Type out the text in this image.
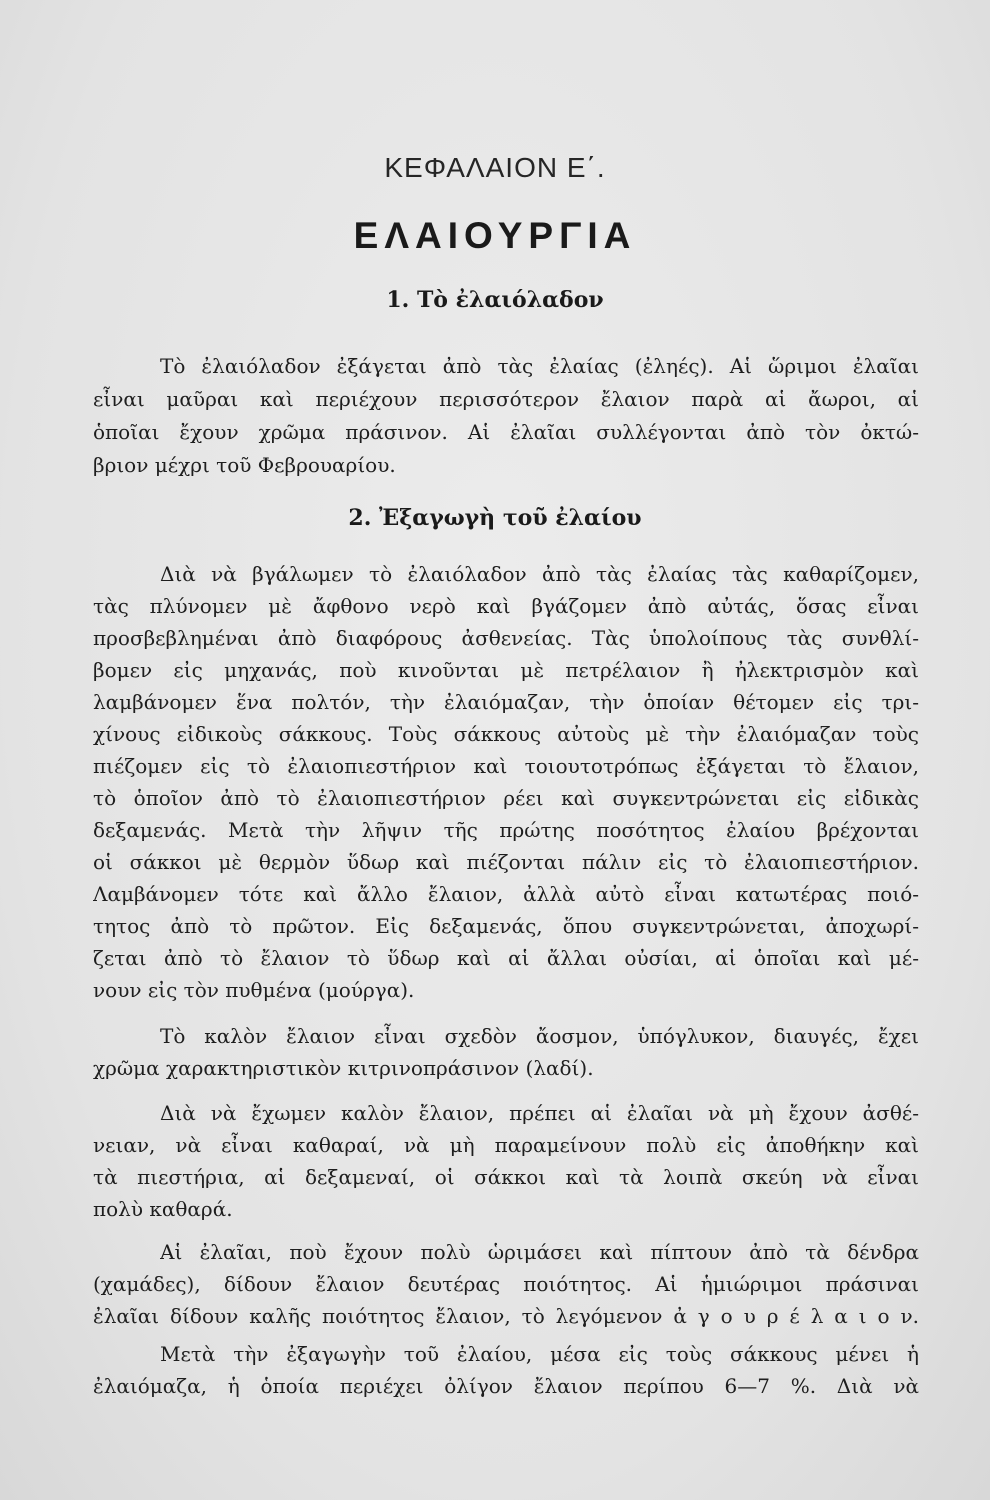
ΚΕΦΑΛΑΙΟΝ Ε΄.
ΕΛΑΙΟΥΡΓΙΑ
1. Τὸ ἐλαιόλαδον
Τὸ ἐλαιόλαδον ἐξάγεται ἀπὸ τὰς ἐλαίας (ἐληές). Αἱ ὥριμοι ἐλαῖαι
εἶναι μαῦραι καὶ περιέχουν περισσότερον ἔλαιον παρὰ αἱ ἄωροι, αἱ
ὁποῖαι ἔχουν χρῶμα πράσινον. Αἱ ἐλαῖαι συλλέγονται ἀπὸ τὸν ὀκτώ-
βριον μέχρι τοῦ Φεβρουαρίου.
2. Ἐξαγωγὴ τοῦ ἐλαίου
Διὰ νὰ βγάλωμεν τὸ ἐλαιόλαδον ἀπὸ τὰς ἐλαίας τὰς καθαρίζομεν,
τὰς πλύνομεν μὲ ἄφθονο νερὸ καὶ βγάζομεν ἀπὸ αὐτάς, ὅσας εἶναι
προσβεβλημέναι ἀπὸ διαφόρους ἀσθενείας. Τὰς ὑπολοίπους τὰς συνθλί-
βομεν εἰς μηχανάς, ποὺ κινοῦνται μὲ πετρέλαιον ἢ ἠλεκτρισμὸν καὶ
λαμβάνομεν ἕνα πολτόν, τὴν ἐλαιόμαζαν, τὴν ὁποίαν θέτομεν εἰς τρι-
χίνους εἰδικοὺς σάκκους. Τοὺς σάκκους αὐτοὺς μὲ τὴν ἐλαιόμαζαν τοὺς
πιέζομεν εἰς τὸ ἐλαιοπιεστήριον καὶ τοιουτοτρόπως ἐξάγεται τὸ ἔλαιον,
τὸ ὁποῖον ἀπὸ τὸ ἐλαιοπιεστήριον ρέει καὶ συγκεντρώνεται εἰς εἰδικὰς
δεξαμενάς. Μετὰ τὴν λῆψιν τῆς πρώτης ποσότητος ἐλαίου βρέχονται
οἱ σάκκοι μὲ θερμὸν ὕδωρ καὶ πιέζονται πάλιν εἰς τὸ ἐλαιοπιεστήριον.
Λαμβάνομεν τότε καὶ ἄλλο ἔλαιον, ἀλλὰ αὐτὸ εἶναι κατωτέρας ποιό-
τητος ἀπὸ τὸ πρῶτον. Εἰς δεξαμενάς, ὅπου συγκεντρώνεται, ἀποχωρί-
ζεται ἀπὸ τὸ ἔλαιον τὸ ὕδωρ καὶ αἱ ἄλλαι οὐσίαι, αἱ ὁποῖαι καὶ μέ-
νουν εἰς τὸν πυθμένα (μούργα).
Τὸ καλὸν ἔλαιον εἶναι σχεδὸν ἄοσμον, ὑπόγλυκον, διαυγές, ἔχει
χρῶμα χαρακτηριστικὸν κιτρινοπράσινον (λαδί).
Διὰ νὰ ἔχωμεν καλὸν ἔλαιον, πρέπει αἱ ἐλαῖαι νὰ μὴ ἔχουν ἀσθέ-
νειαν, νὰ εἶναι καθαραί, νὰ μὴ παραμείνουν πολὺ εἰς ἀποθήκην καὶ
τὰ πιεστήρια, αἱ δεξαμεναί, οἱ σάκκοι καὶ τὰ λοιπὰ σκεύη νὰ εἶναι
πολὺ καθαρά.
Αἱ ἐλαῖαι, ποὺ ἔχουν πολὺ ὡριμάσει καὶ πίπτουν ἀπὸ τὰ δένδρα
(χαμάδες), δίδουν ἔλαιον δευτέρας ποιότητος. Αἱ ἡμιώριμοι πράσιναι
ἐλαῖαι δίδουν καλῆς ποιότητος ἔλαιον, τὸ λεγόμενον ἀ γ ο υ ρ έ λ α ι ο ν.
Μετὰ τὴν ἐξαγωγὴν τοῦ ἐλαίου, μέσα εἰς τοὺς σάκκους μένει ἡ
ἐλαιόμαζα, ἡ ὁποία περιέχει ὀλίγον ἔλαιον περίπου 6—7 %. Διὰ νὰ
